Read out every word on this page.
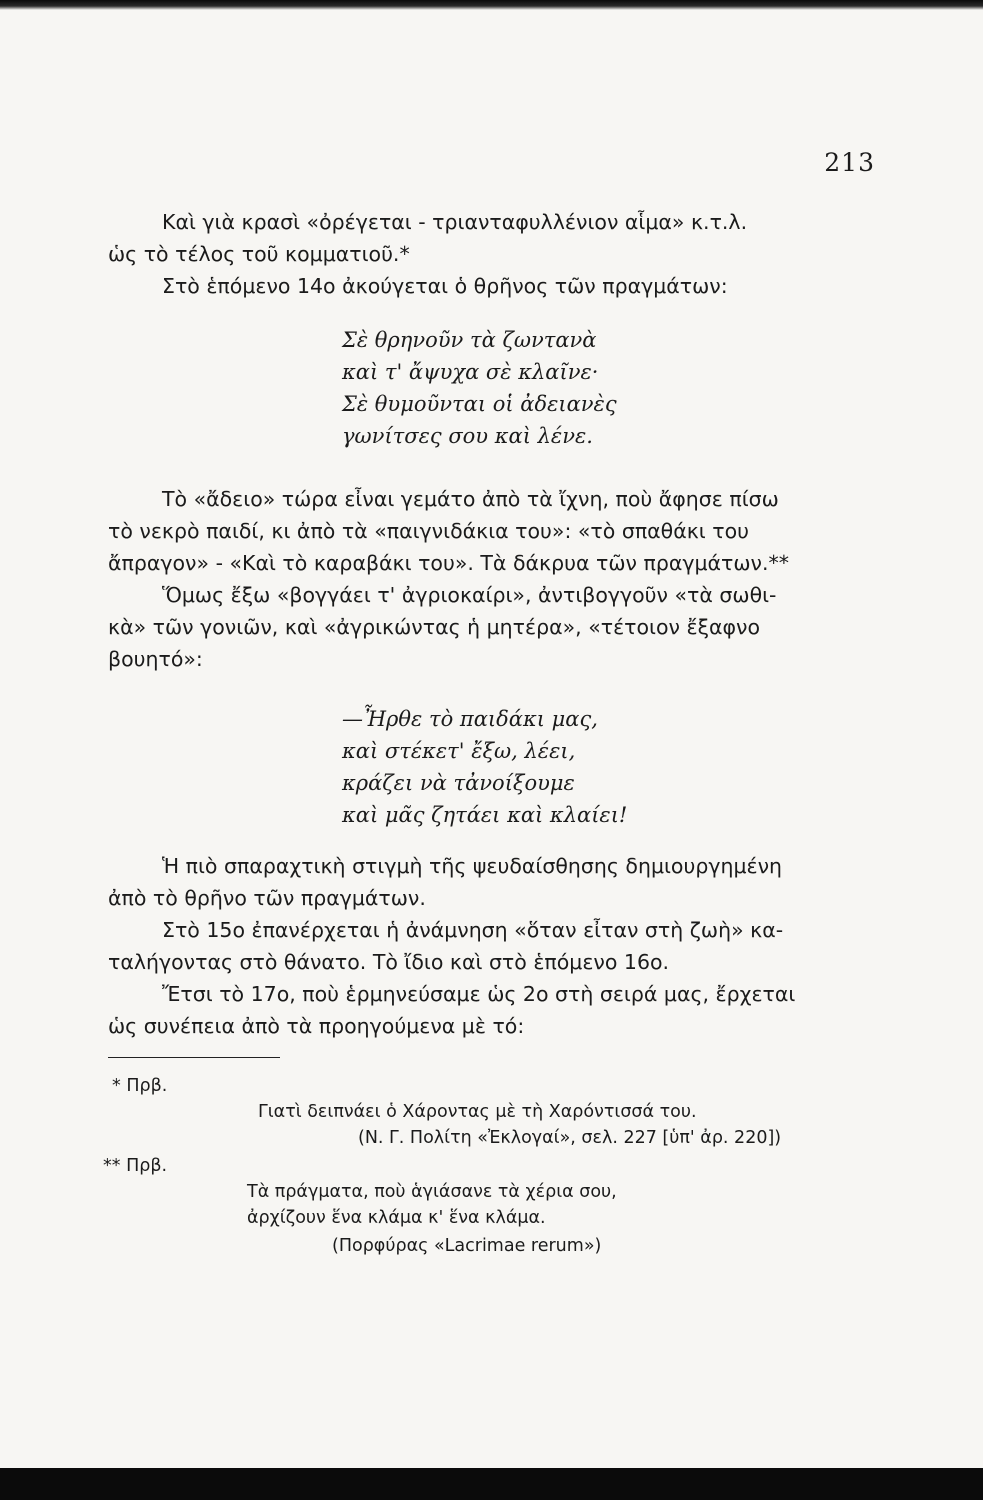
213
Καὶ γιὰ κρασὶ «ὀρέγεται - τριανταφυλλένιον αἷμα» κ.τ.λ.
ὡς τὸ τέλος τοῦ κομματιοῦ.*
Στὸ ἑπόμενο 14ο ἀκούγεται ὁ θρῆνος τῶν πραγμάτων:
Σὲ θρηνοῦν τὰ ζωντανὰ
καὶ τ' ἄψυχα σὲ κλαῖνε·
Σὲ θυμοῦνται οἱ ἀδειανὲς
γωνίτσες σου καὶ λένε.
Τὸ «ἄδειο» τώρα εἶναι γεμάτο ἀπὸ τὰ ἴχνη, ποὺ ἄφησε πίσω
τὸ νεκρὸ παιδί, κι ἀπὸ τὰ «παιγνιδάκια του»: «τὸ σπαθάκι του
ἄπραγον» - «Καὶ τὸ καραβάκι του». Τὰ δάκρυα τῶν πραγμάτων.**
Ὅμως ἔξω «βογγάει τ' ἀγριοκαίρι», ἀντιβογγοῦν «τὰ σωθι-
κὰ» τῶν γονιῶν, καὶ «ἀγρικώντας ἡ μητέρα», «τέτοιον ἔξαφνο
βουητό»:
—Ἦρθε τὸ παιδάκι μας,
καὶ στέκετ' ἔξω, λέει,
κράζει νὰ τἀνοίξουμε
καὶ μᾶς ζητάει καὶ κλαίει!
Ἡ πιὸ σπαραχτικὴ στιγμὴ τῆς ψευδαίσθησης δημιουργημένη
ἀπὸ τὸ θρῆνο τῶν πραγμάτων.
Στὸ 15ο ἐπανέρχεται ἡ ἀνάμνηση «ὅταν εἶταν στὴ ζωὴ» κα-
ταλήγοντας στὸ θάνατο. Τὸ ἴδιο καὶ στὸ ἑπόμενο 16ο.
Ἔτσι τὸ 17ο, ποὺ ἑρμηνεύσαμε ὡς 2ο στὴ σειρά μας, ἔρχεται
ὡς συνέπεια ἀπὸ τὰ προηγούμενα μὲ τό:
* Πρβ.
Γιατὶ δειπνάει ὁ Χάροντας μὲ τὴ Χαρόντισσά του.
(Ν. Γ. Πολίτη «Ἐκλογαί», σελ. 227 [ὑπ' ἀρ. 220])
** Πρβ.
Τὰ πράγματα, ποὺ ἁγιάσανε τὰ χέρια σου,
ἀρχίζουν ἕνα κλάμα κ' ἕνα κλάμα.
(Πορφύρας «Lacrimae rerum»)
